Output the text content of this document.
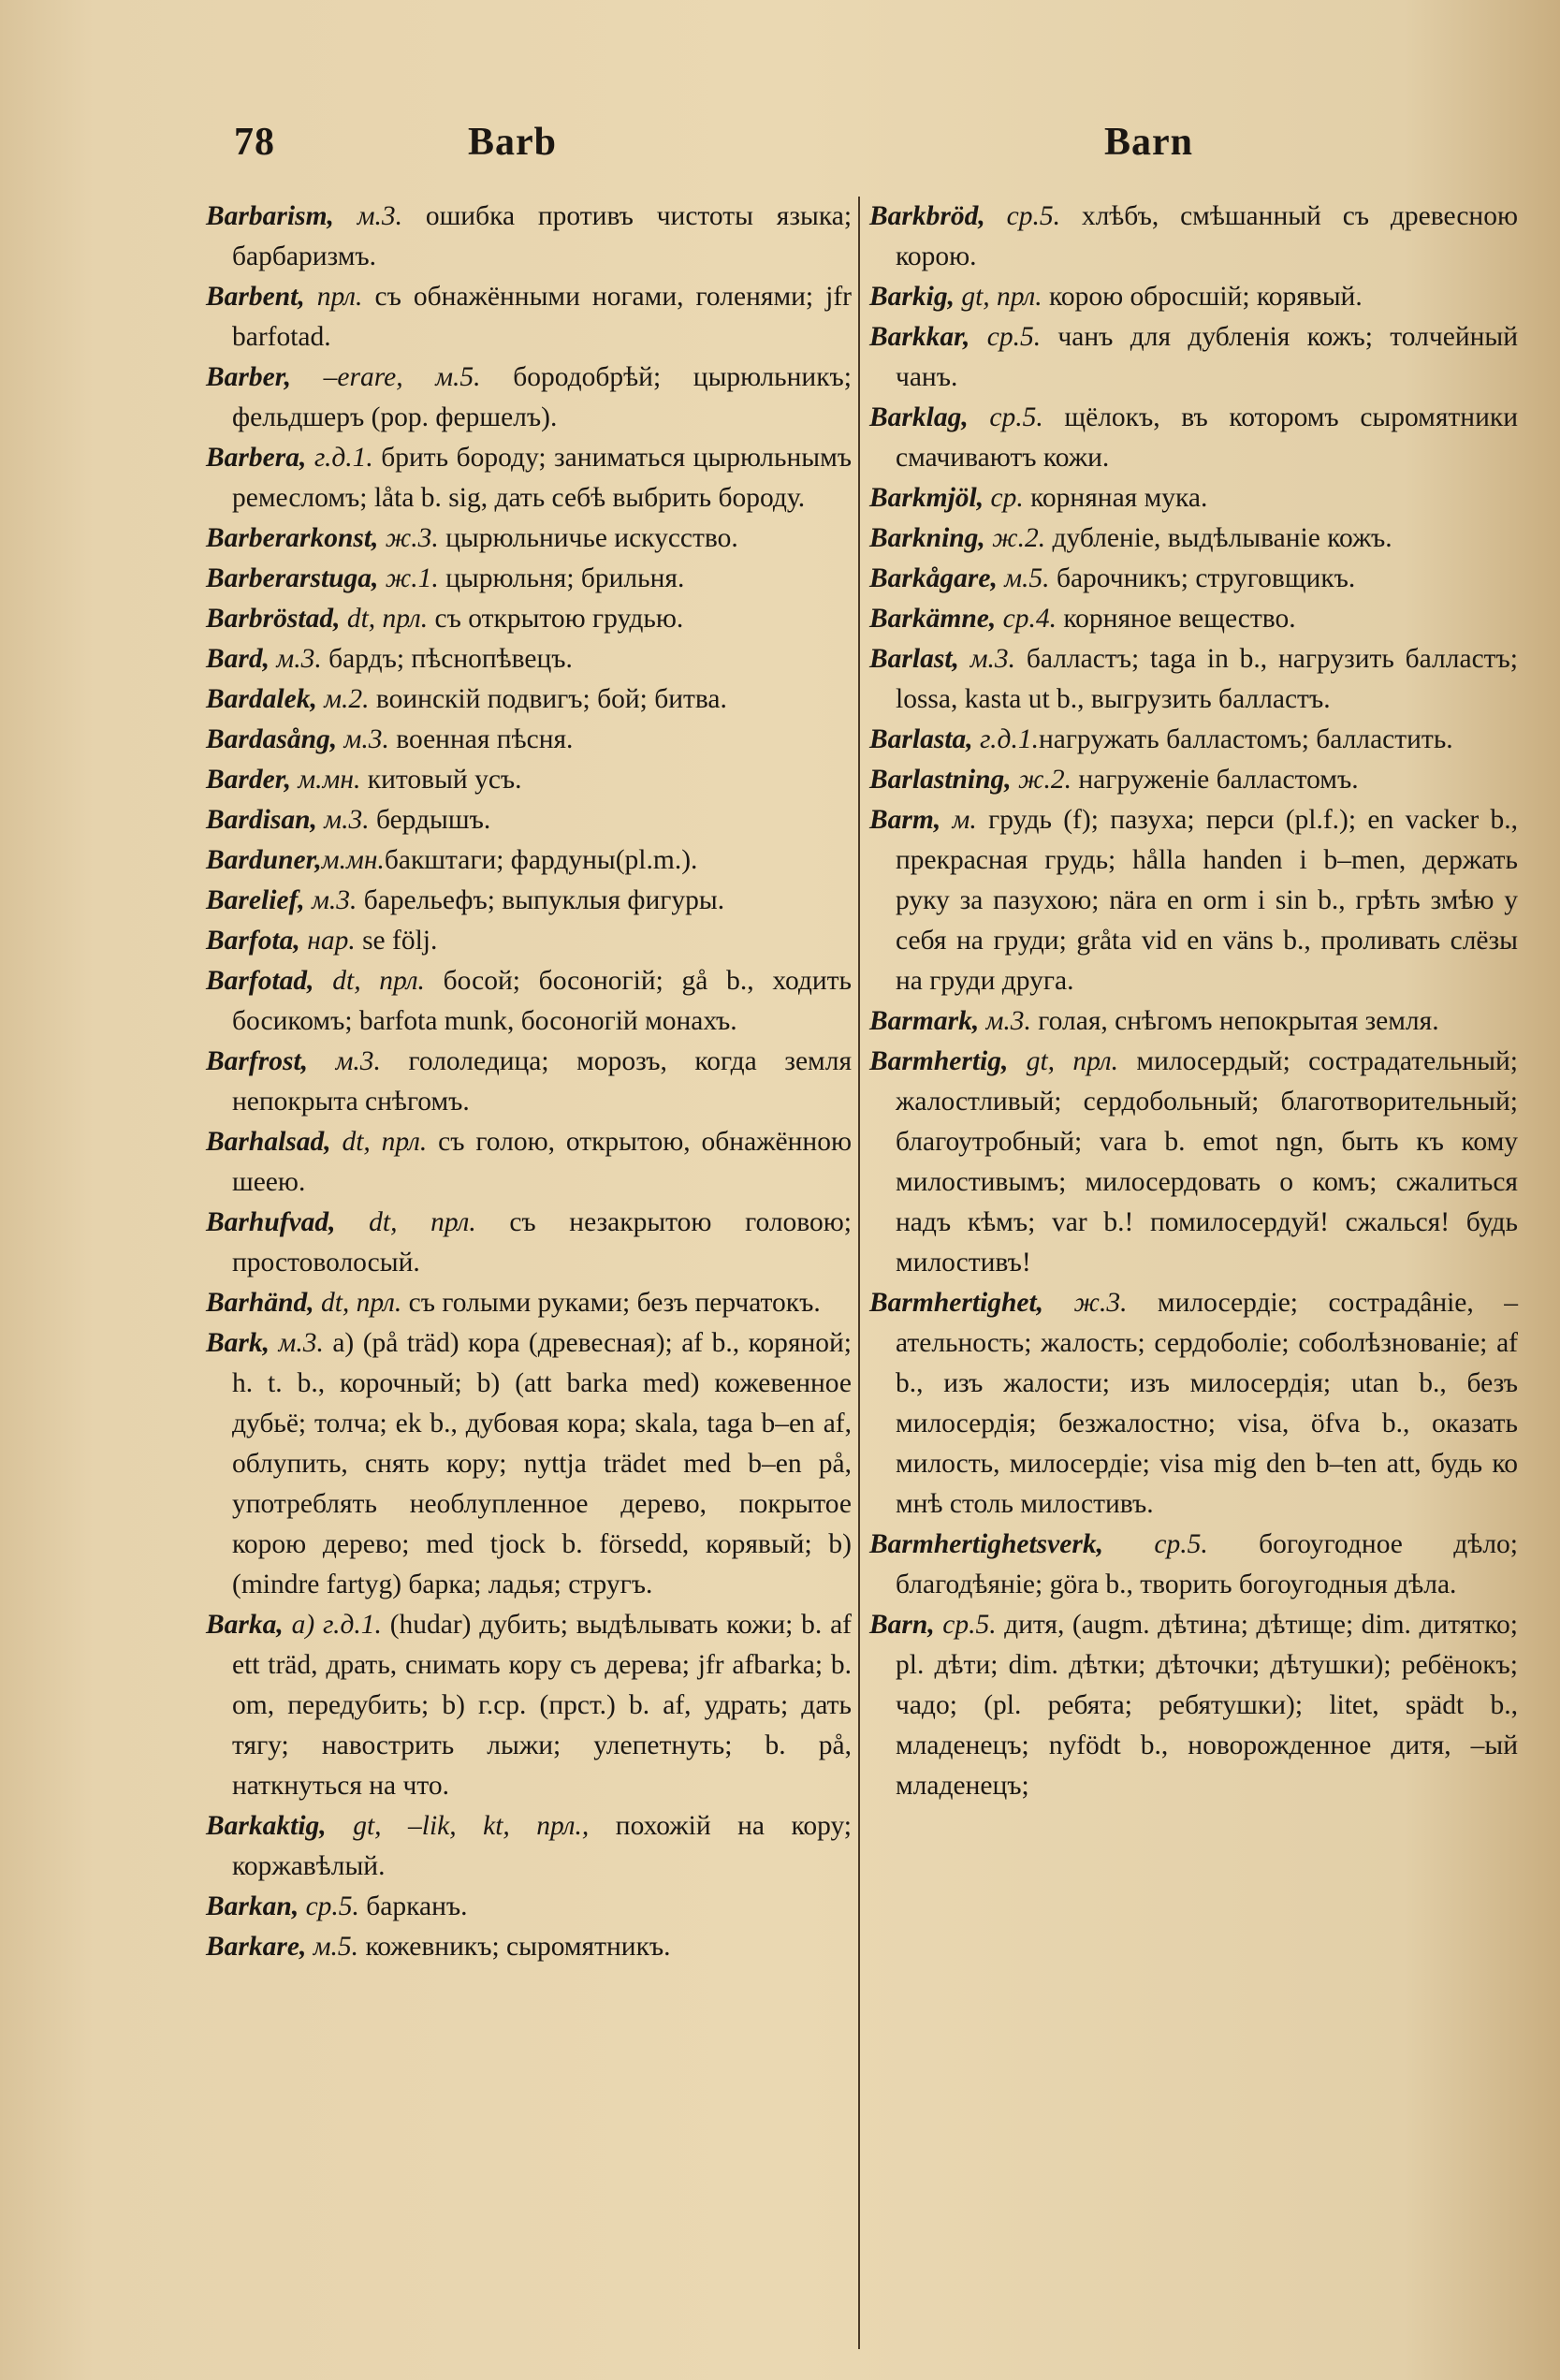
78	Barb	Barn

Barbarism, м.3. ошибка противъ чистоты языка; барбаризмъ.

Barbent, прл. съ обнажёнными ногами, голенями; jfr barfotad.

Barber, –erare, м.5. бородобрѣй; цырюльникъ; фельдшеръ (рор. фершелъ).

Barbera, г.д.1. брить бороду; заниматься цырюльнымъ ремесломъ; låta b. sig, дать себѣ выбрить бороду.

Barberarkonst, ж.3. цырюльничье искусство.

Barberarstuga, ж.1. цырюльня; брильня.

Barbröstad, dt, прл. съ открытою грудью.

Bard, м.3. бардъ; пѣснопѣвецъ.

Bardalek, м.2. воинскій подвигъ; бой; битва.

Bardasång, м.3. военная пѣсня.

Barder, м.мн. китовый усъ.

Bardisan, м.3. бердышъ.

Barduner,м.мн.бакштаги; фардуны(pl.m.).

Barelief, м.3. барельефъ; выпуклыя фигуры.

Barfota, нар. se följ.

Barfotad, dt, прл. босой; босоногій; gå b., ходить босикомъ; barfota munk, босоногій монахъ.

Barfrost, м.3. гололедица; морозъ, когда земля непокрыта снѣгомъ.

Barhalsad, dt, прл. съ голою, открытою, обнажённою шеею.

Barhufvad, dt, прл. съ незакрытою головою; простоволосый.

Barhänd, dt, прл. съ голыми руками; безъ перчатокъ.

Bark, м.3. a) (på träd) кора (древесная); af b., коряной; h. t. b., корочный; b) (att barka med) кожевенное дубьё; толча; ek b., дубовая кора; skala, taga b–en af, облупить, снять кору; nyttja trädet med b–en på, употреблять необлупленное дерево, покрытое корою дерево; med tjock b. försedd, корявый; b) (mindre fartyg) барка; ладья; стругъ.

Barka, a) г.д.1. (hudar) дубить; выдѣлывать кожи; b. af ett träd, драть, снимать кору съ дерева; jfr afbarka; b. om, передубить; b) г.ср. (прст.) b. af, удрать; дать тягу; навострить лыжи; улепетнуть; b. på, наткнуться на что.

Barkaktig, gt, –lik, kt, прл., похожій на кору; коржавѣлый.

Barkan, ср.5. барканъ.

Barkare, м.5. кожевникъ; сыромятникъ.

Barkbröd, ср.5. хлѣбъ, смѣшанный съ древесною корою.

Barkig, gt, прл. корою обросшій; корявый.

Barkkar, ср.5. чанъ для дубленія кожъ; толчейный чанъ.

Barklag, ср.5. щёлокъ, въ которомъ сыромятники смачиваютъ кожи.

Barkmjöl, ср. корняная мука.

Barkning, ж.2. дубленіе, выдѣлываніе кожъ.

Barkågare, м.5. барочникъ; струговщикъ.

Barkämne, ср.4. корняное вещество.

Barlast, м.3. балластъ; taga in b., нагрузить балластъ; lossa, kasta ut b., выгрузить балластъ.

Barlasta, г.д.1.нагружать балластомъ; балластить.

Barlastning, ж.2. нагруженіе балластомъ.

Barm, м. грудь (f); пазуха; перси (pl.f.); en vacker b., прекрасная грудь; hålla handen i b–men, держать руку за пазухою; nära en orm i sin b., грѣть змѣю у себя на груди; gråta vid en väns b., проливать слёзы на груди друга.

Barmark, м.3. голая, снѣгомъ непокрытая земля.

Barmhertig, gt, прл. милосердый; сострадательный; жалостливый; сердобольный; благотворительный; благоутробный; vara b. emot ngn, быть къ кому милостивымъ; милосердовать о комъ; сжалиться надъ кѣмъ; var b.! помилосердуй! сжалься! будь милостивъ!

Barmhertighet, ж.3. милосердіе; сострадâніе, –ательность; жалость; сердоболіе; соболѣзнованіе; af b., изъ жалости; изъ милосердія; utan b., безъ милосердія; безжалостно; visa, öfva b., оказать милость, милосердіе; visa mig den b–ten att, будь ко мнѣ столь милостивъ.

Barmhertighetsverk, ср.5. богоугодное дѣло; благодѣяніе; göra b., творить богоугодныя дѣла.

Barn, ср.5. дитя, (augm. дѣтина; дѣтище; dim. дитятко; pl. дѣти; dim. дѣтки; дѣточки; дѣтушки); ребёнокъ; чадо; (pl. ребята; ребятушки); litet, spädt b., младенецъ; nyfödt b., новорожденное дитя, –ый младенецъ;
